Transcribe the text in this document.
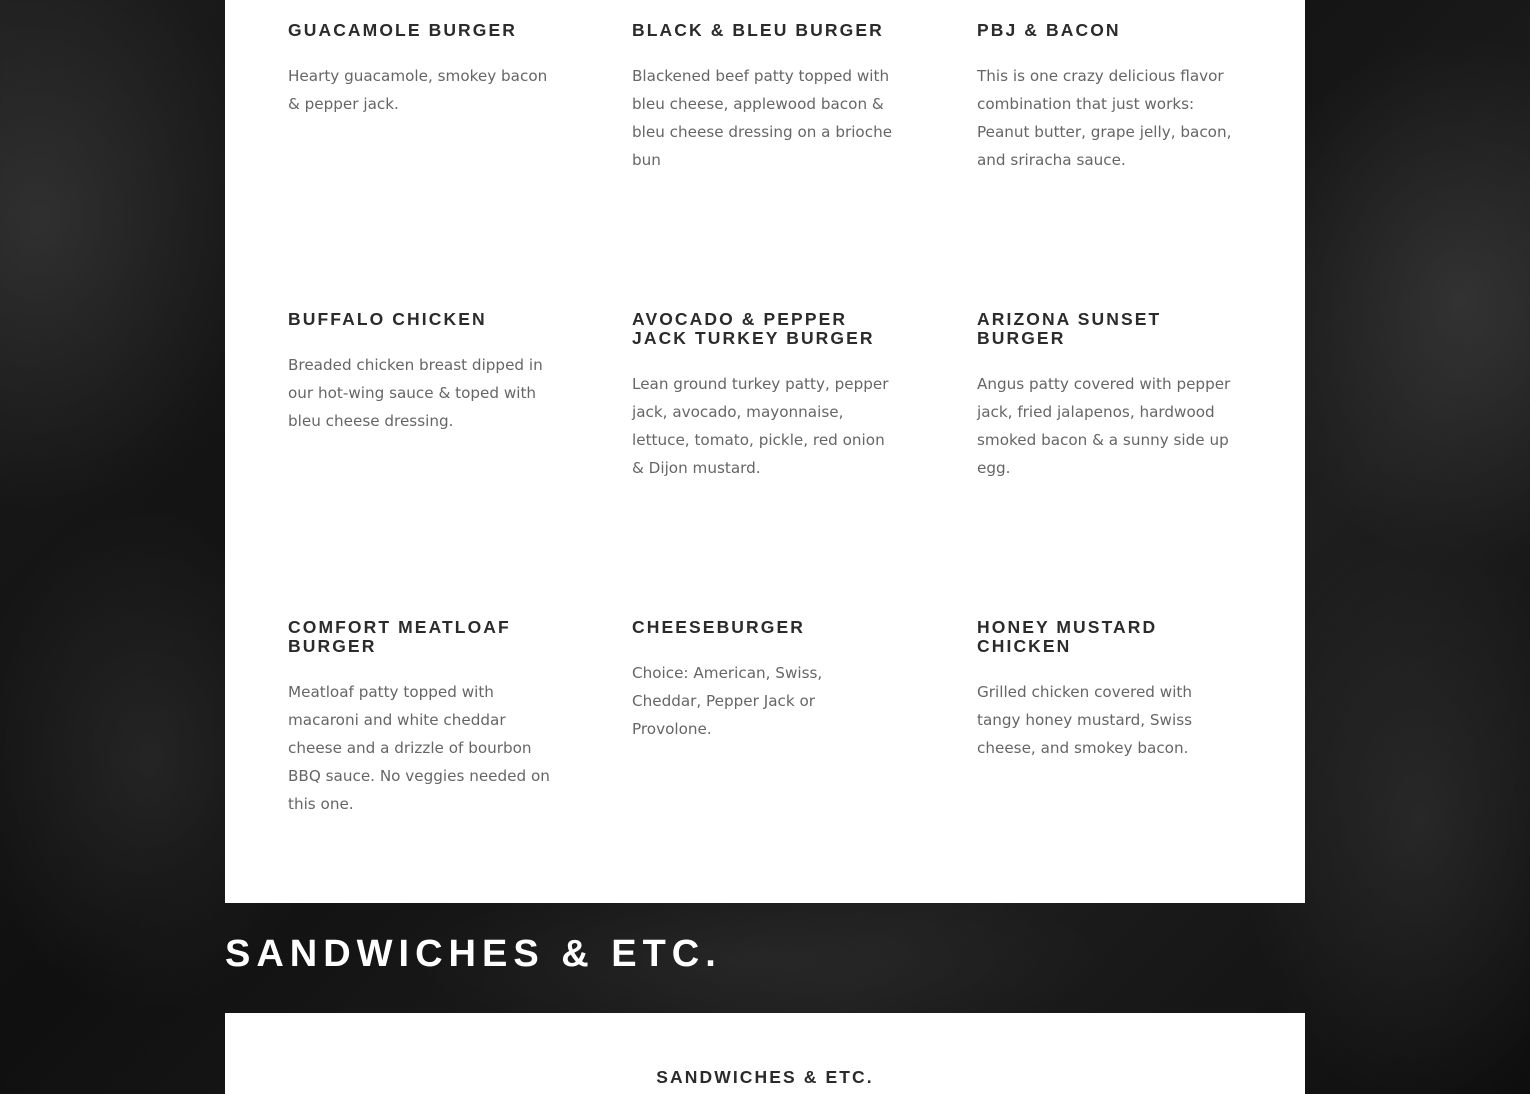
GUACAMOLE BURGER

Hearty guacamole, smokey bacon & pepper jack.

BLACK & BLEU BURGER

Blackened beef patty topped with bleu cheese, applewood bacon & bleu cheese dressing on a brioche bun

PBJ & BACON

This is one crazy delicious flavor combination that just works: Peanut butter, grape jelly, bacon, and sriracha sauce.

BUFFALO CHICKEN

Breaded chicken breast dipped in our hot-wing sauce & toped with bleu cheese dressing.

AVOCADO & PEPPER JACK TURKEY BURGER

Lean ground turkey patty, pepper jack, avocado, mayonnaise, lettuce, tomato, pickle, red onion & Dijon mustard.

ARIZONA SUNSET BURGER

Angus patty covered with pepper jack, fried jalapenos, hardwood smoked bacon & a sunny side up egg.

COMFORT MEATLOAF BURGER

Meatloaf patty topped with macaroni and white cheddar cheese and a drizzle of bourbon BBQ sauce. No veggies needed on this one.

CHEESEBURGER

Choice: American, Swiss, Cheddar, Pepper Jack or Provolone.

HONEY MUSTARD CHICKEN

Grilled chicken covered with tangy honey mustard, Swiss cheese, and smokey bacon.

SANDWICHES & ETC.
SANDWICHES & ETC.
